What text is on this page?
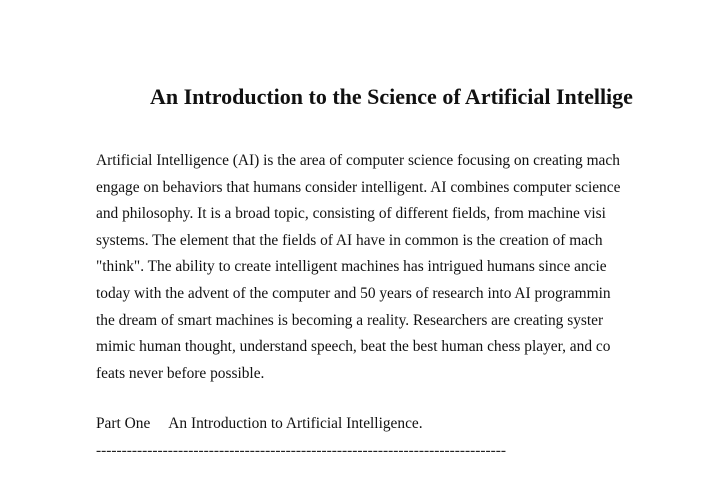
An Introduction to the Science of Artificial Intellige
Artificial Intelligence (AI) is the area of computer science focusing on creating mach
engage on behaviors that humans consider intelligent. AI combines computer science
and philosophy. It is a broad topic, consisting of different fields, from machine visi
systems. The element that the fields of AI have in common is the creation of mach
"think". The ability to create intelligent machines has intrigued humans since ancie
today with the advent of the computer and 50 years of research into AI programmin
the dream of smart machines is becoming a reality. Researchers are creating syster
mimic human thought, understand speech, beat the best human chess player, and co
feats never before possible.
Part One An Introduction to Artificial Intelligence.
--------------------------------------------------------------------------------
